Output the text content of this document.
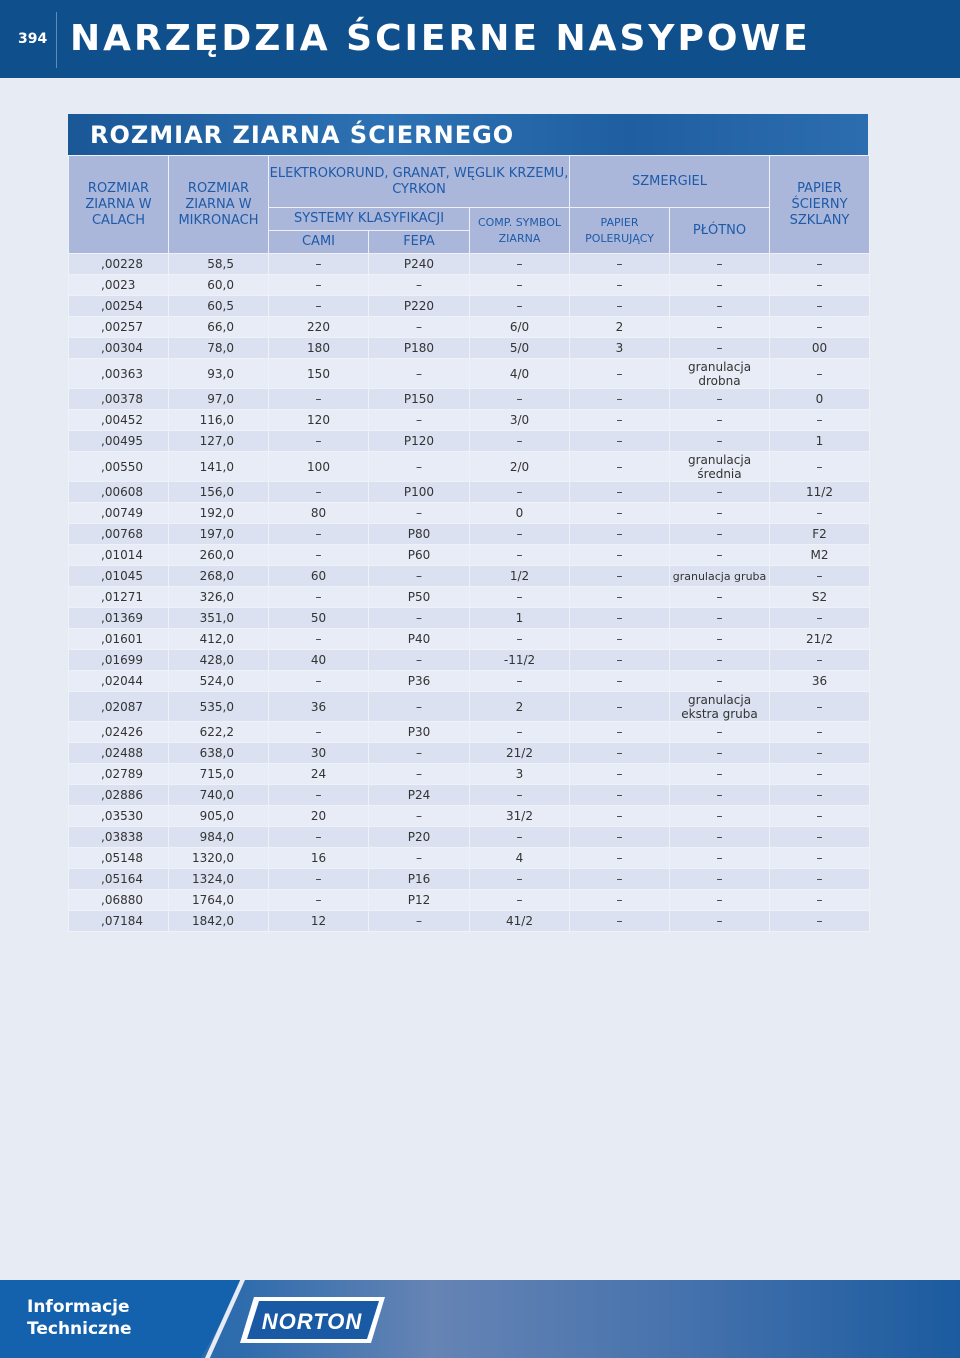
394 NARZĘDZIA ŚCIERNE NASYPOWE
ROZMIAR ZIARNA ŚCIERNEGO
ROZMIAR ZIARNA W CALACH	ROZMIAR ZIARNA W MIKRONACH	ELEKTROKORUND, GRANAT, WĘGLIK KRZEMU, CYRKON			SZMERGIEL		PAPIER ŚCIERNY SZKLANY
		SYSTEMY KLASYFIKACJI		COMP. SYMBOL ZIARNA	PAPIER POLERUJĄCY	PŁÓTNO	
		CAMI	FEPA				
,00228	58,5	–	P240	–	–	–	–
,0023	60,0	–	–	–	–	–	–
,00254	60,5	–	P220	–	–	–	–
,00257	66,0	220	–	6/0	2	–	–
,00304	78,0	180	P180	5/0	3	–	00
,00363	93,0	150	–	4/0	–	granulacja drobna	–
,00378	97,0	–	P150	–	–	–	0
,00452	116,0	120	–	3/0	–	–	–
,00495	127,0	–	P120	–	–	–	1
,00550	141,0	100	–	2/0	–	granulacja średnia	–
,00608	156,0	–	P100	–	–	–	11/2
,00749	192,0	80	–	0	–	–	–
,00768	197,0	–	P80	–	–	–	F2
,01014	260,0	–	P60	–	–	–	M2
,01045	268,0	60	–	1/2	–	granulacja gruba	–
,01271	326,0	–	P50	–	–	–	S2
,01369	351,0	50	–	1	–	–	–
,01601	412,0	–	P40	–	–	–	21/2
,01699	428,0	40	–	-11/2	–	–	–
,02044	524,0	–	P36	–	–	–	36
,02087	535,0	36	–	2	–	granulacja ekstra gruba	–
,02426	622,2	–	P30	–	–	–	–
,02488	638,0	30	–	21/2	–	–	–
,02789	715,0	24	–	3	–	–	–
,02886	740,0	–	P24	–	–	–	–
,03530	905,0	20	–	31/2	–	–	–
,03838	984,0	–	P20	–	–	–	–
,05148	1320,0	16	–	4	–	–	–
,05164	1324,0	–	P16	–	–	–	–
,06880	1764,0	–	P12	–	–	–	–
,07184	1842,0	12	–	41/2	–	–	–
Informacje
Techniczne	NORTON
